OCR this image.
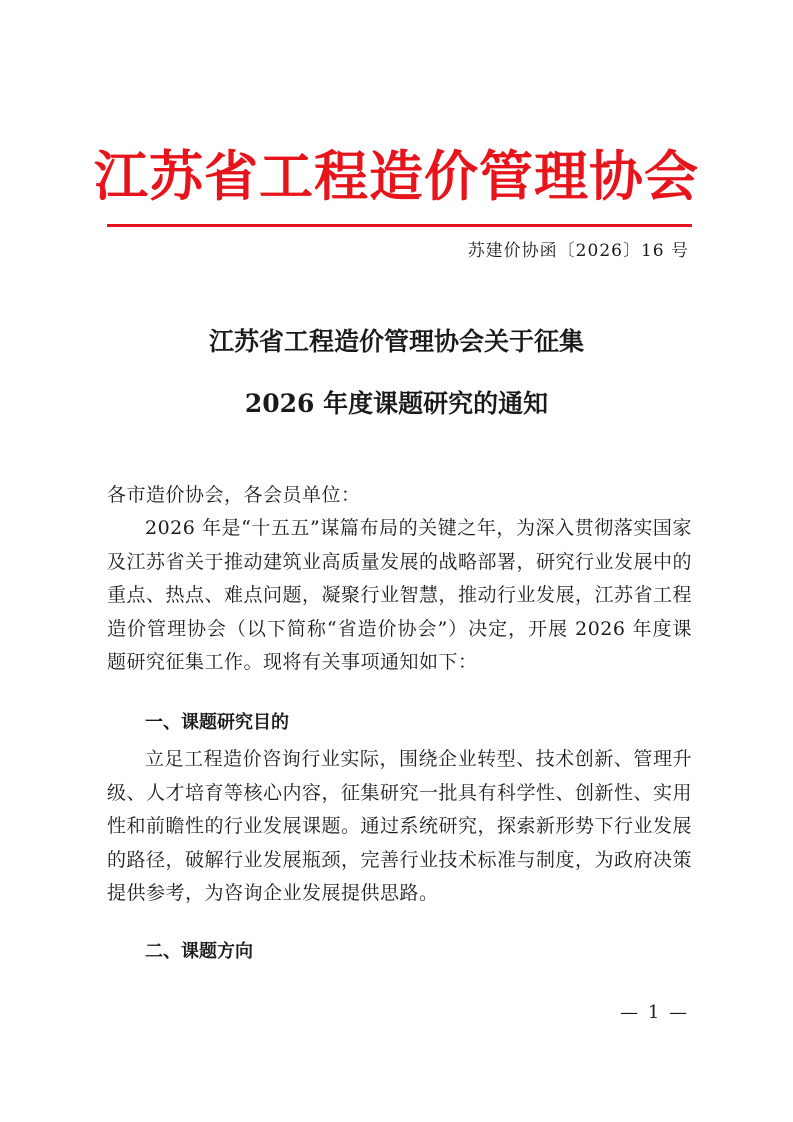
江苏省工程造价管理协会
苏建价协函〔2026〕16 号
江苏省工程造价管理协会关于征集
2026 年度课题研究的通知

各市造价协会，各会员单位：

2026 年是“十五五”谋篇布局的关键之年，为深入贯彻落实国家及江苏省关于推动建筑业高质量发展的战略部署，研究行业发展中的重点、热点、难点问题，凝聚行业智慧，推动行业发展，江苏省工程造价管理协会（以下简称“省造价协会”）决定，开展 2026 年度课题研究征集工作。现将有关事项通知如下：

一、课题研究目的

立足工程造价咨询行业实际，围绕企业转型、技术创新、管理升级、人才培育等核心内容，征集研究一批具有科学性、创新性、实用性和前瞻性的行业发展课题。通过系统研究，探索新形势下行业发展的路径，破解行业发展瓶颈，完善行业技术标准与制度，为政府决策提供参考，为咨询企业发展提供思路。

二、课题方向
— 1 —
